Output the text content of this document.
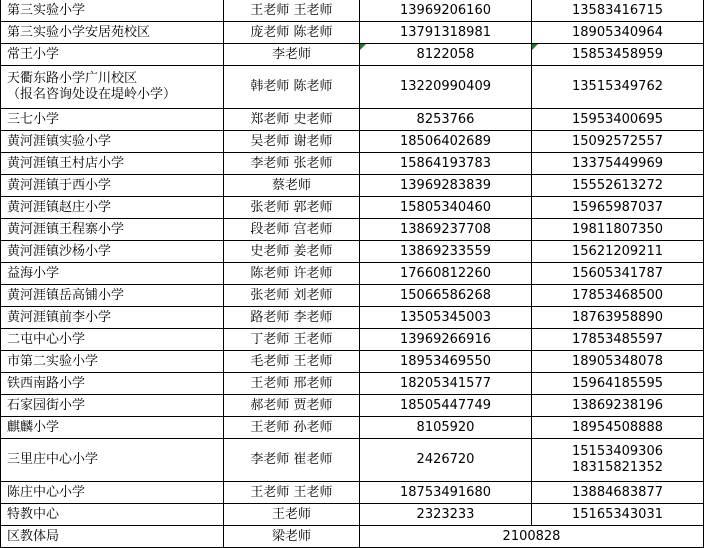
第三实验小学	王老师 王老师	13969206160	13583416715
第三实验小学安居苑校区	庞老师 陈老师	13791318981	18905340964
常王小学	李老师	8122058	15853458959

天衢东路小学广川校区
（报名咨询处设在堤岭小学）	韩老师 陈老师	13220990409	13515349762
三七小学	郑老师 史老师	8253766	15953400695
黄河涯镇实验小学	吴老师 谢老师	18506402689	15092572557
黄河涯镇王村店小学	李老师 张老师	15864193783	13375449969
黄河涯镇于西小学	蔡老师	13969283839	15552613272
黄河涯镇赵庄小学	张老师 郭老师	15805340460	15965987037
黄河涯镇王程寨小学	段老师 宫老师	13869237708	19811807350
黄河涯镇沙杨小学	史老师 姜老师	13869233559	15621209211
益海小学	陈老师 许老师	17660812260	15605341787
黄河涯镇岳高铺小学	张老师 刘老师	15066586268	17853468500
黄河涯镇前李小学	路老师 李老师	13505345003	18763958890
二屯中心小学	丁老师 王老师	13969266916	17853485597
市第二实验小学	毛老师 王老师	18953469550	18905348078
铁西南路小学	王老师 邢老师	18205341577	15964185595
石家园街小学	郝老师 贾老师	18505447749	13869238196
麒麟小学	王老师 孙老师	8105920	18954508888
三里庄中心小学	李老师 崔老师	2426720	15153409306
18315821352

陈庄中心小学	王老师 王老师	18753491680	13884683877
特教中心	王老师	2323233	15165343031
区教体局	梁老师	2100828	
